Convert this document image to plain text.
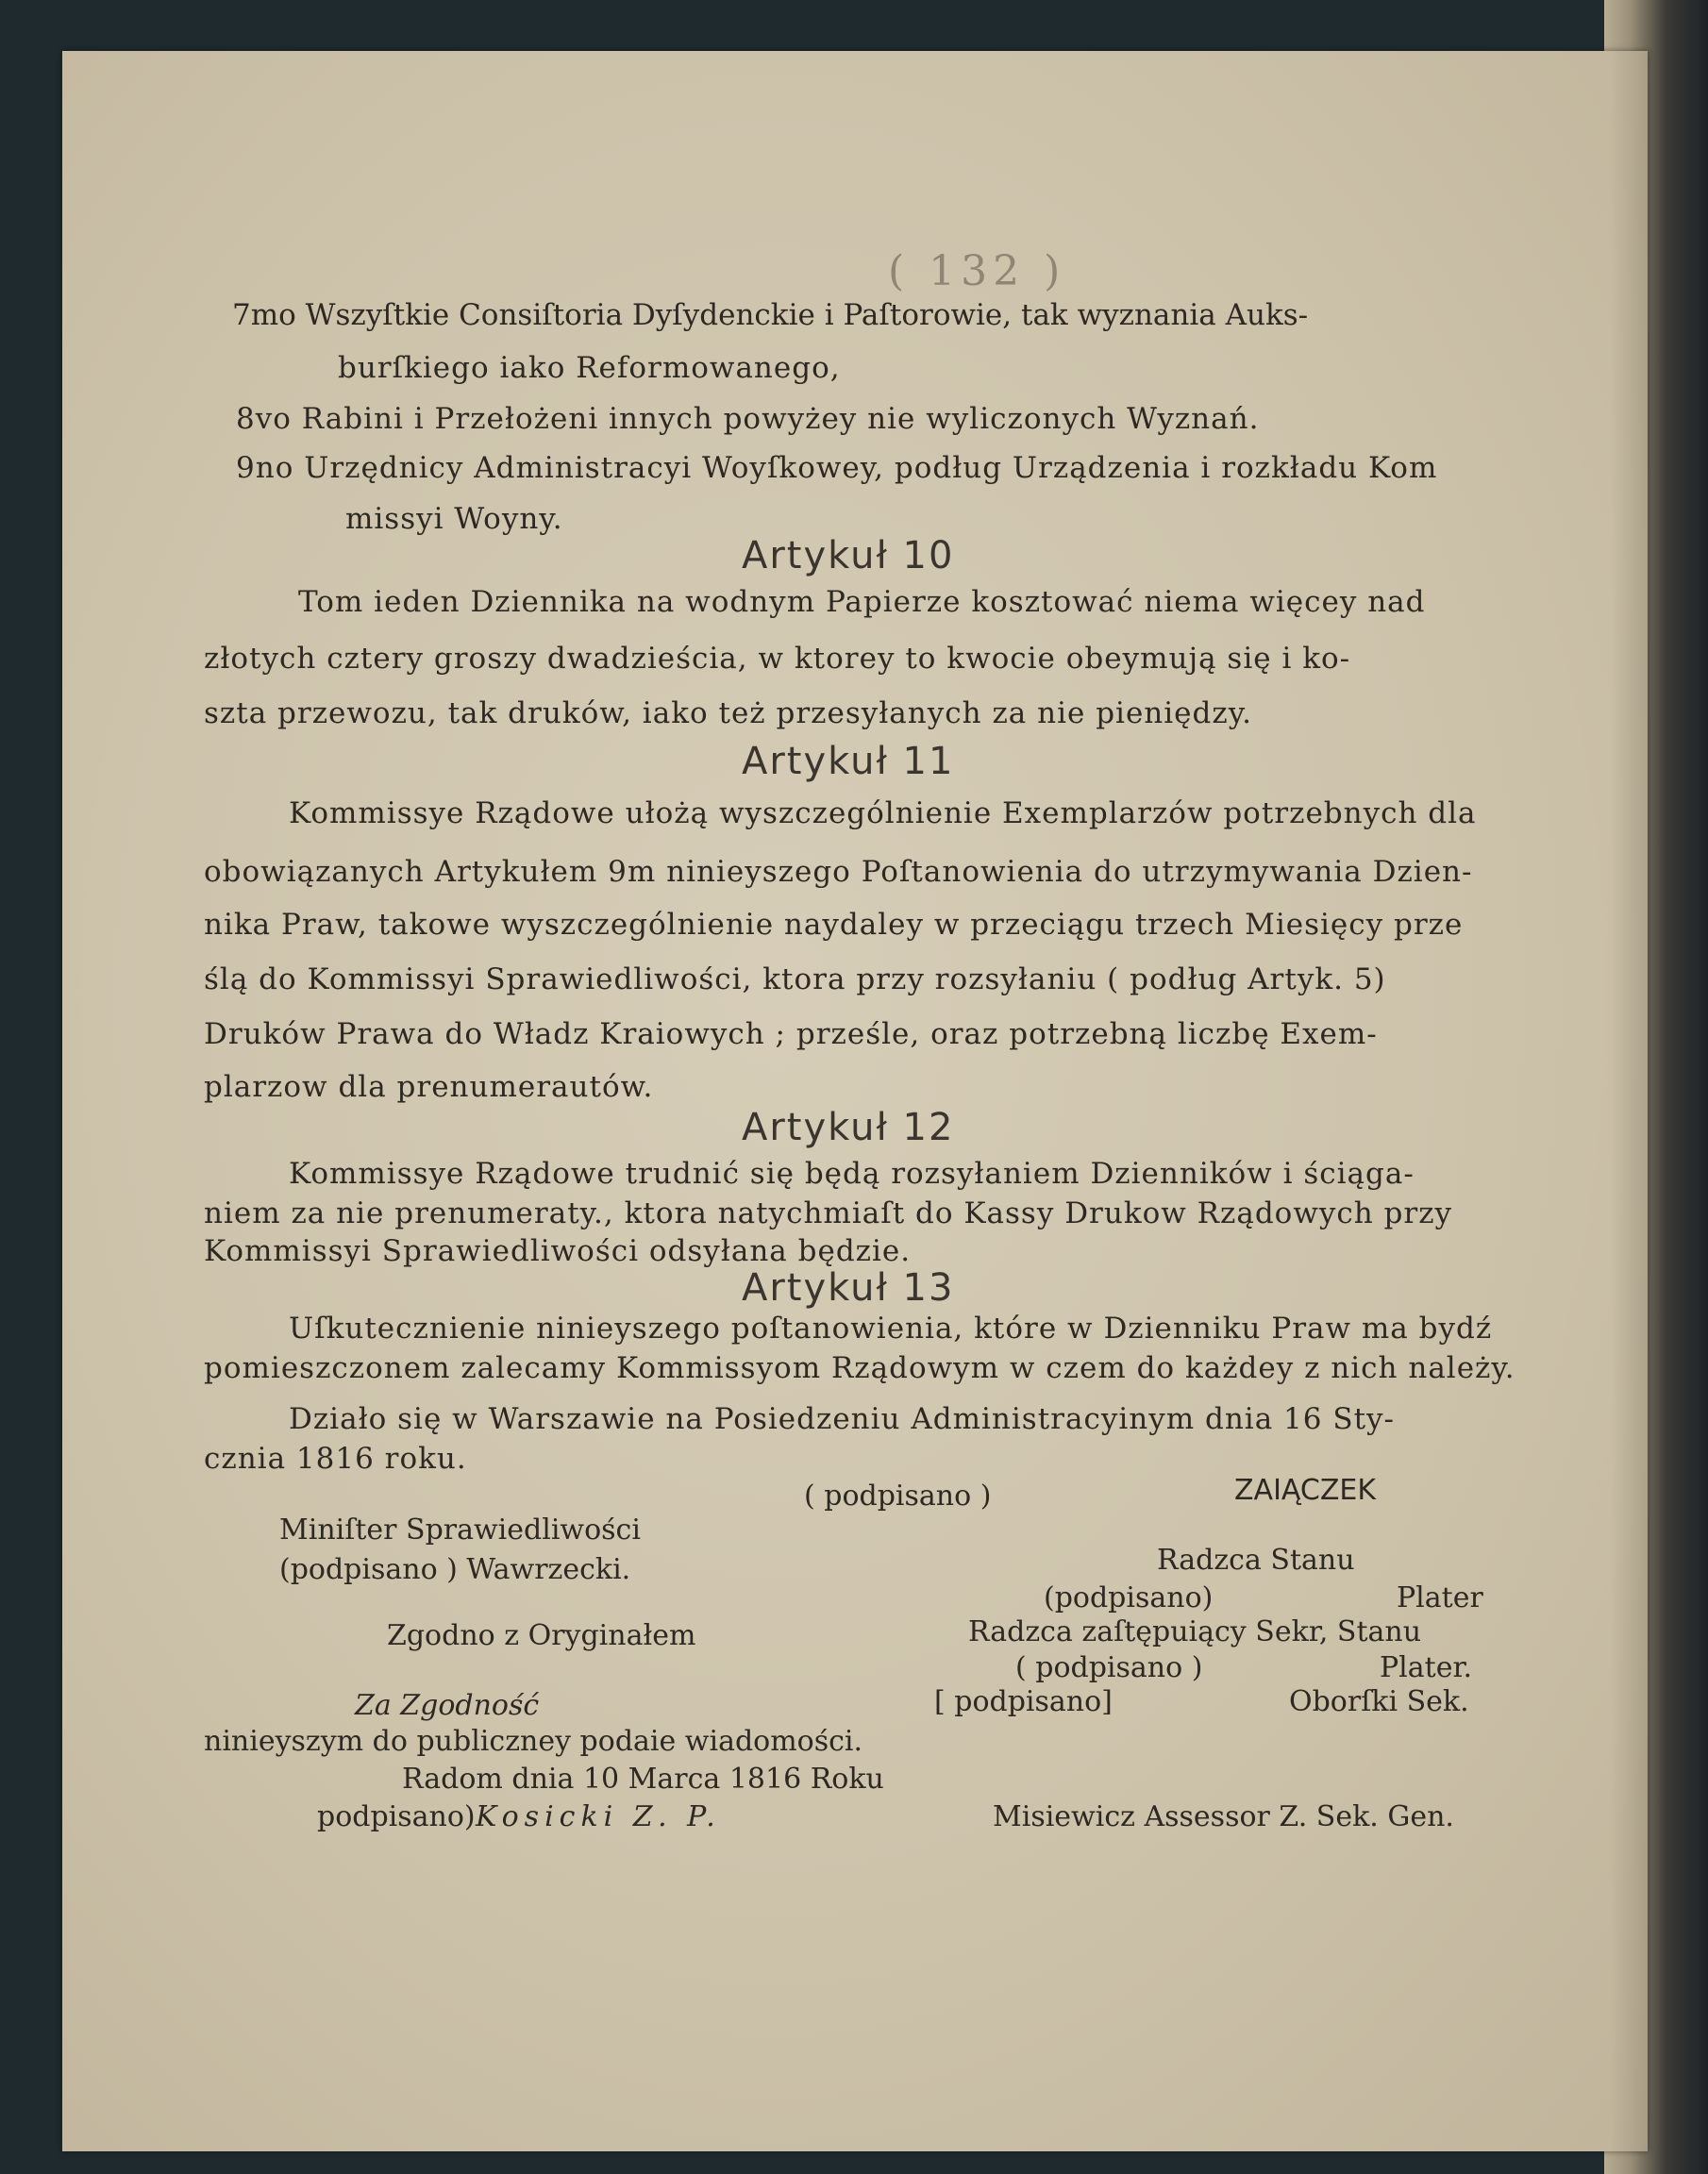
( 132 )
7mo Wszyſtkie Consiſtoria Dyſydenckie i Paſtorowie, tak wyznania Auks-
burſkiego iako Reformowanego,
8vo Rabini i Przełożeni innych powyżey nie wyliczonych Wyznań.
9no Urzędnicy Administracyi Woyſkowey, podług Urządzenia i rozkładu Kom
missyi Woyny.
Artykuł 10
Tom ieden Dziennika na wodnym Papierze kosztować niema więcey nad
złotych cztery groszy dwadzieścia, w ktorey to kwocie obeymują się i ko-
szta przewozu, tak druków, iako też przesyłanych za nie pieniędzy.
Artykuł 11
Kommissye Rządowe ułożą wyszczególnienie Exemplarzów potrzebnych dla
obowiązanych Artykułem 9m ninieyszego Poſtanowienia do utrzymywania Dzien-
nika Praw, takowe wyszczególnienie naydaley w przeciągu trzech Miesięcy prze
ślą do Kommissyi Sprawiedliwości, ktora przy rozsyłaniu ( podług Artyk. 5)
Druków Prawa do Władz Kraiowych ; prześle, oraz potrzebną liczbę Exem-
plarzow dla prenumerautów.
Artykuł 12
Kommissye Rządowe trudnić się będą rozsyłaniem Dzienników i ściąga-
niem za nie prenumeraty., ktora natychmiaſt do Kassy Drukow Rządowych przy
Kommissyi Sprawiedliwości odsyłana będzie.
Artykuł 13
Uſkutecznienie ninieyszego poſtanowienia, które w Dzienniku Praw ma bydź
pomieszczonem zalecamy Kommissyom Rządowym w czem do każdey z nich należy.
Działo się w Warszawie na Posiedzeniu Administracyinym dnia 16 Sty-
cznia 1816 roku.
( podpisano )	ZAIĄCZEK
Miniſter Sprawiedliwości
(podpisano ) Wawrzecki.	Radzca Stanu
(podpisano)	Plater
Zgodno z Oryginałem	Radzca zaſtępuiący Sekr, Stanu
( podpisano )	Plater.
Za Zgodność	[ podpisano]	Oborſki Sek.
ninieyszym do publiczney podaie wiadomości.
Radom dnia 10 Marca 1816 Roku
podpisano) Kosicki Z. P.	Misiewicz Assessor Z. Sek. Gen.
